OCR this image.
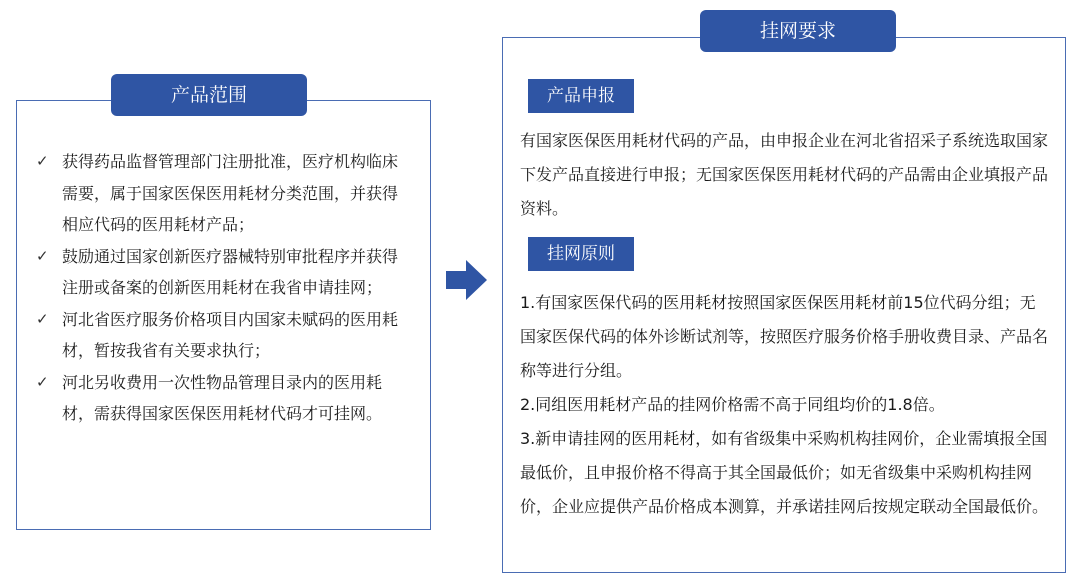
产品范围
✓ 获得药品监督管理部门注册批准，医疗机构临床需要，属于国家医保医用耗材分类范围，并获得相应代码的医用耗材产品；
✓ 鼓励通过国家创新医疗器械特别审批程序并获得注册或备案的创新医用耗材在我省申请挂网；
✓ 河北省医疗服务价格项目内国家未赋码的医用耗材，暂按我省有关要求执行；
✓ 河北另收费用一次性物品管理目录内的医用耗材，需获得国家医保医用耗材代码才可挂网。
挂网要求
产品申报

有国家医保医用耗材代码的产品，由申报企业在河北省招采子系统选取国家下发产品直接进行申报；无国家医保医用耗材代码的产品需由企业填报产品资料。

挂网原则
1.有国家医保代码的医用耗材按照国家医保医用耗材前15位代码分组；无国家医保代码的体外诊断试剂等，按照医疗服务价格手册收费目录、产品名称等进行分组。
2.同组医用耗材产品的挂网价格需不高于同组均价的1.8倍。
3.新申请挂网的医用耗材，如有省级集中采购机构挂网价，企业需填报全国最低价，且申报价格不得高于其全国最低价；如无省级集中采购机构挂网价，企业应提供产品价格成本测算，并承诺挂网后按规定联动全国最低价。
